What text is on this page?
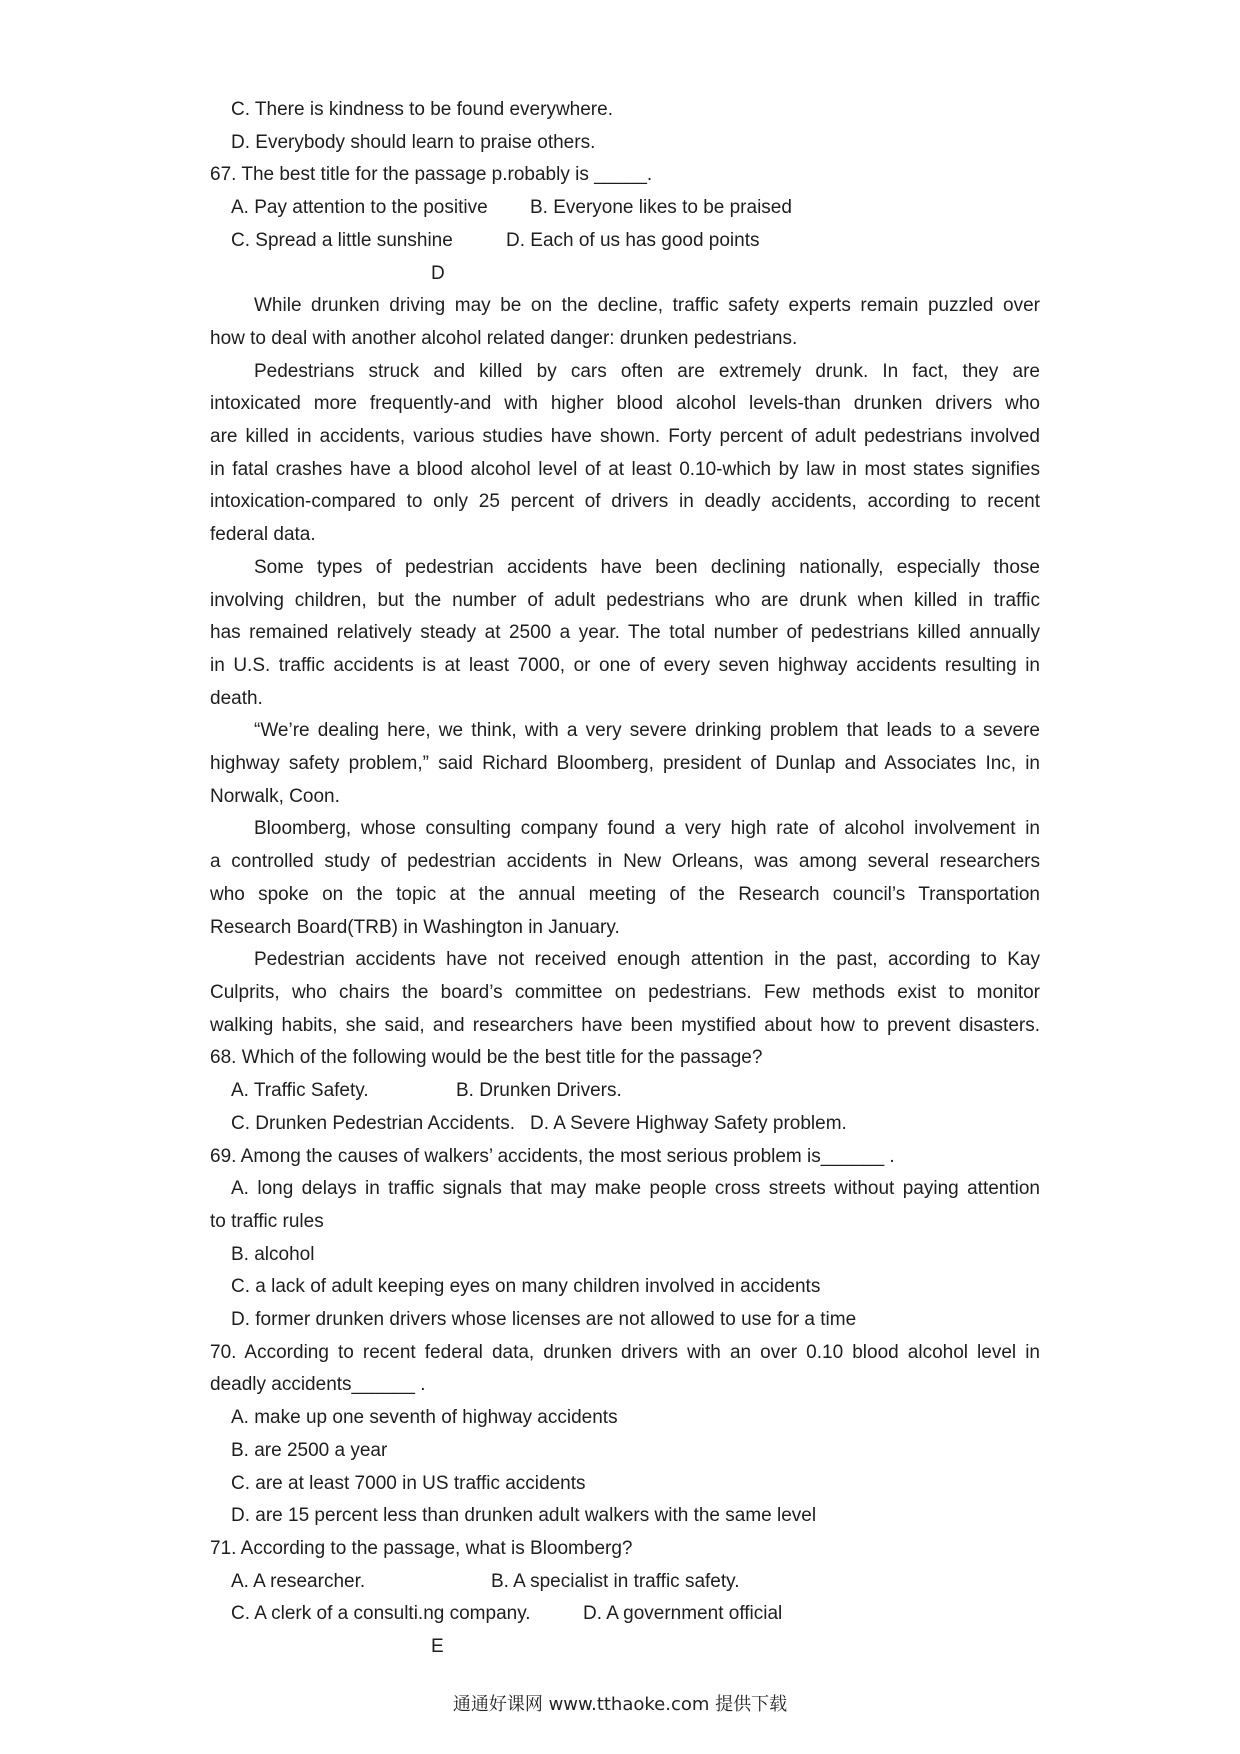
C. There is kindness to be found everywhere.

D. Everybody should learn to praise others.

67. The best title for the passage p.robably is _____.

A. Pay attention to the positive	B. Everyone likes to be praised
C. Spread a little sunshine	D. Each of us has good points

D

While drunken driving may be on the decline, traffic safety experts remain puzzled over

how to deal with another alcohol related danger: drunken pedestrians.

Pedestrians struck and killed by cars often are extremely drunk. In fact, they are

intoxicated more frequently-and with higher blood alcohol levels-than drunken drivers who

are killed in accidents, various studies have shown. Forty percent of adult pedestrians involved

in fatal crashes have a blood alcohol level of at least 0.10-which by law in most states signifies

intoxication-compared to only 25 percent of drivers in deadly accidents, according to recent

federal data.

Some types of pedestrian accidents have been declining nationally, especially those

involving children, but the number of adult pedestrians who are drunk when killed in traffic

has remained relatively steady at 2500 a year. The total number of pedestrians killed annually

in U.S. traffic accidents is at least 7000, or one of every seven highway accidents resulting in

death.

“We’re dealing here, we think, with a very severe drinking problem that leads to a severe

highway safety problem,” said Richard Bloomberg, president of Dunlap and Associates Inc, in

Norwalk, Coon.

Bloomberg, whose consulting company found a very high rate of alcohol involvement in

a controlled study of pedestrian accidents in New Orleans, was among several researchers

who spoke on the topic at the annual meeting of the Research council’s Transportation

Research Board(TRB) in Washington in January.

Pedestrian accidents have not received enough attention in the past, according to Kay

Culprits, who chairs the board’s committee on pedestrians. Few methods exist to monitor

walking habits, she said, and researchers have been mystified about how to prevent disasters.

68. Which of the following would be the best title for the passage?

A. Traffic Safety.	B. Drunken Drivers.
C. Drunken Pedestrian Accidents. D. A Severe Highway Safety problem.

69. Among the causes of walkers’ accidents, the most serious problem is______ .

A. long delays in traffic signals that may make people cross streets without paying attention

to traffic rules

B. alcohol

C. a lack of adult keeping eyes on many children involved in accidents

D. former drunken drivers whose licenses are not allowed to use for a time

70. According to recent federal data, drunken drivers with an over 0.10 blood alcohol level in

deadly accidents______ .

A. make up one seventh of highway accidents

B. are 2500 a year

C. are at least 7000 in US traffic accidents

D. are 15 percent less than drunken adult walkers with the same level

71. According to the passage, what is Bloomberg?

A. A researcher.	B. A specialist in traffic safety.
C. A clerk of a consulti.ng company.	D. A government official

E

通通好课网 www.tthaoke.com 提供下载
